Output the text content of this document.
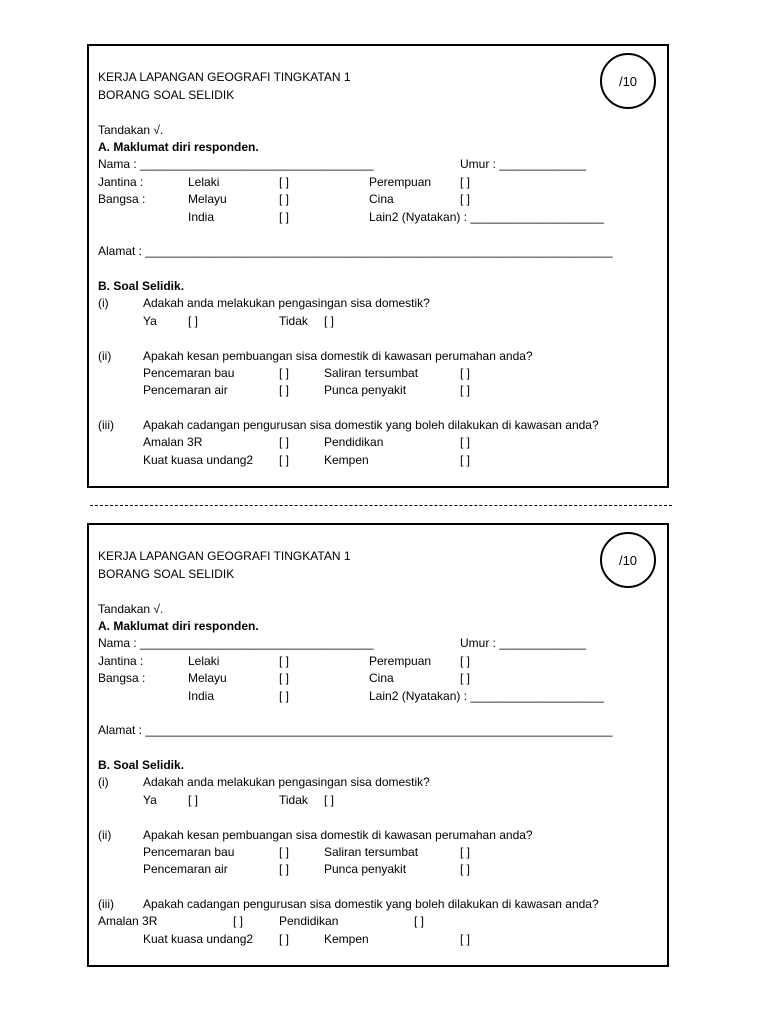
/10
KERJA LAPANGAN GEOGRAFI TINGKATAN 1
BORANG SOAL SELIDIK
Tandakan √.
A. Maklumat diri responden.
Nama : ___________________________________	Umur : _____________
Jantina :	Lelaki	[ ]	Perempuan [ ]
Bangsa :	Melayu	[ ]	Cina	[ ]
India	[ ]	Lain2 (Nyatakan) : ____________________
Alamat : ______________________________________________________________________
B. Soal Selidik.
(i)	Adakah anda melakukan pengasingan sisa domestik?
Ya	[ ]	Tidak [ ]
(ii)	Apakah kesan pembuangan sisa domestik di kawasan perumahan anda?
Pencemaran bau	[ ]	Saliran tersumbat	[ ]
Pencemaran air	[ ]	Punca penyakit	[ ]
(iii) Apakah cadangan pengurusan sisa domestik yang boleh dilakukan di kawasan anda?
Amalan 3R	[ ]	Pendidikan	[ ]
Kuat kuasa undang2 [ ]	Kempen	[ ]
/10
KERJA LAPANGAN GEOGRAFI TINGKATAN 1
BORANG SOAL SELIDIK
Tandakan √.
A. Maklumat diri responden.
Nama : ___________________________________	Umur : _____________
Jantina :	Lelaki	[ ]	Perempuan [ ]
Bangsa :	Melayu	[ ]	Cina	[ ]
India	[ ]	Lain2 (Nyatakan) : ____________________
Alamat : ______________________________________________________________________
B. Soal Selidik.
(i)	Adakah anda melakukan pengasingan sisa domestik?
Ya	[ ]	Tidak [ ]
(ii)	Apakah kesan pembuangan sisa domestik di kawasan perumahan anda?
Pencemaran bau	[ ]	Saliran tersumbat	[ ]
Pencemaran air	[ ]	Punca penyakit	[ ]
(iii) Apakah cadangan pengurusan sisa domestik yang boleh dilakukan di kawasan anda?
Amalan 3R	[ ]	Pendidikan	[ ]
Kuat kuasa undang2 [ ]	Kempen	[ ]
